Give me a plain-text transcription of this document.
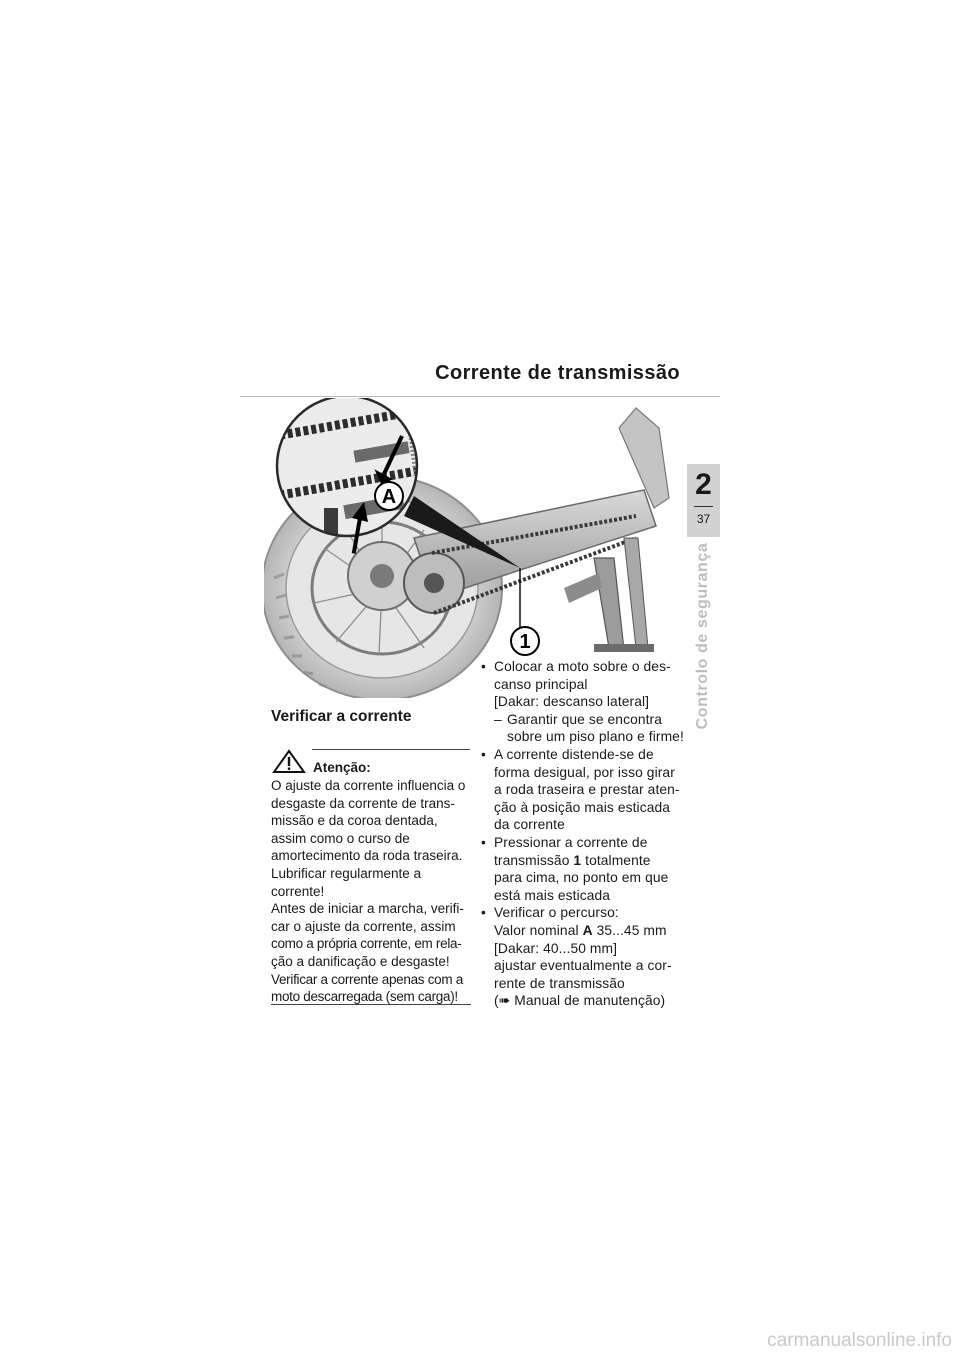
Corrente de transmissão
A
1
2
37
Controlo de segurança
Verificar a corrente
Atenção:
O ajuste da corrente influencia o
desgaste da corrente de trans-
missão e da coroa dentada,
assim como o curso de
amortecimento da roda traseira.
Lubrificar regularmente a
corrente!
Antes de iniciar a marcha, verifi-
car o ajuste da corrente, assim
como a própria corrente, em rela-
ção a danificação e desgaste!
Verificar a corrente apenas com a
moto descarregada (sem carga)!
• Colocar a moto sobre o des-
canso principal
[Dakar: descanso lateral]
– Garantir que se encontra
sobre um piso plano e firme!
• A corrente distende-se de
forma desigual, por isso girar
a roda traseira e prestar aten-
ção à posição mais esticada
da corrente
• Pressionar a corrente de
transmissão 1 totalmente
para cima, no ponto em que
está mais esticada
• Verificar o percurso:
Valor nominal A 35...45 mm
[Dakar: 40...50 mm]
ajustar eventualmente a cor-
rente de transmissão
(➠ Manual de manutenção)
carmanualsonline.info
